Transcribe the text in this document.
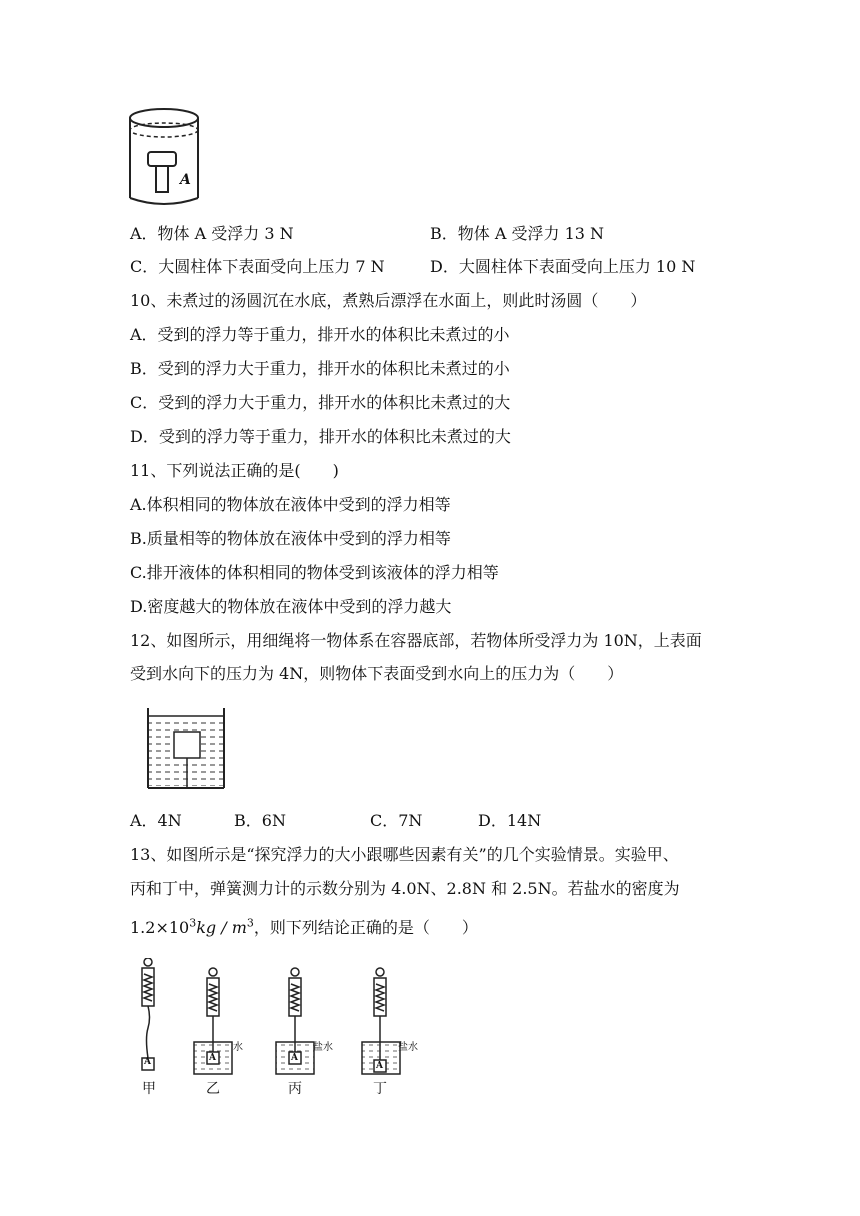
A
A．物体 A 受浮力 3 N	B．物体 A 受浮力 13 N
C．大圆柱体下表面受向上压力 7 N	D．大圆柱体下表面受向上压力 10 N
10、未煮过的汤圆沉在水底，煮熟后漂浮在水面上，则此时汤圆（　　）
A．受到的浮力等于重力，排开水的体积比未煮过的小
B．受到的浮力大于重力，排开水的体积比未煮过的小
C．受到的浮力大于重力，排开水的体积比未煮过的大
D．受到的浮力等于重力，排开水的体积比未煮过的大
11、下列说法正确的是(　　)
A.体积相同的物体放在液体中受到的浮力相等
B.质量相等的物体放在液体中受到的浮力相等
C.排开液体的体积相同的物体受到该液体的浮力相等
D.密度越大的物体放在液体中受到的浮力越大
12、如图所示，用细绳将一物体系在容器底部，若物体所受浮力为 10N，上表面
受到水向下的压力为 4N，则物体下表面受到水向上的压力为（　　）
A．4N	B．6N	C．7N	D．14N
13、如图所示是“探究浮力的大小跟哪些因素有关”的几个实验情景。实验甲、
丙和丁中，弹簧测力计的示数分别为 4.0N、2.8N 和 2.5N。若盐水的密度为
$1.2\times 10^3kg / m^3$，则下列结论正确的是（　　）
A	A	A
A
水	盐水	盐水
甲	乙	丙	丁
